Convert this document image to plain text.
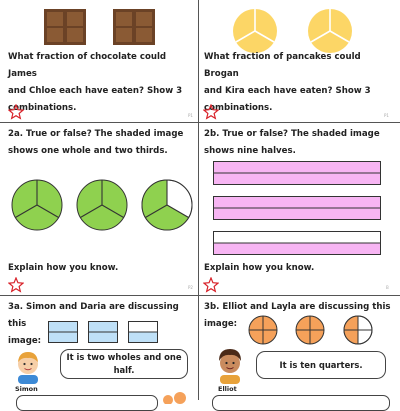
What fraction of chocolate could James
and Chloe each have eaten? Show 3
combinations.
P1
What fraction of pancakes could Brogan
and Kira each have eaten? Show 3
combinations.
P1
2a. True or false? The shaded image
shows one whole and two thirds.
Explain how you know.
P2
2b. True or false? The shaded image
shows nine halves.
Explain how you know.
B
3a. Simon and Daria are discussing this
image:
Simon
It is two wholes and one
half.
3b. Elliot and Layla are discussing this
image:
Elliot
It is ten quarters.
